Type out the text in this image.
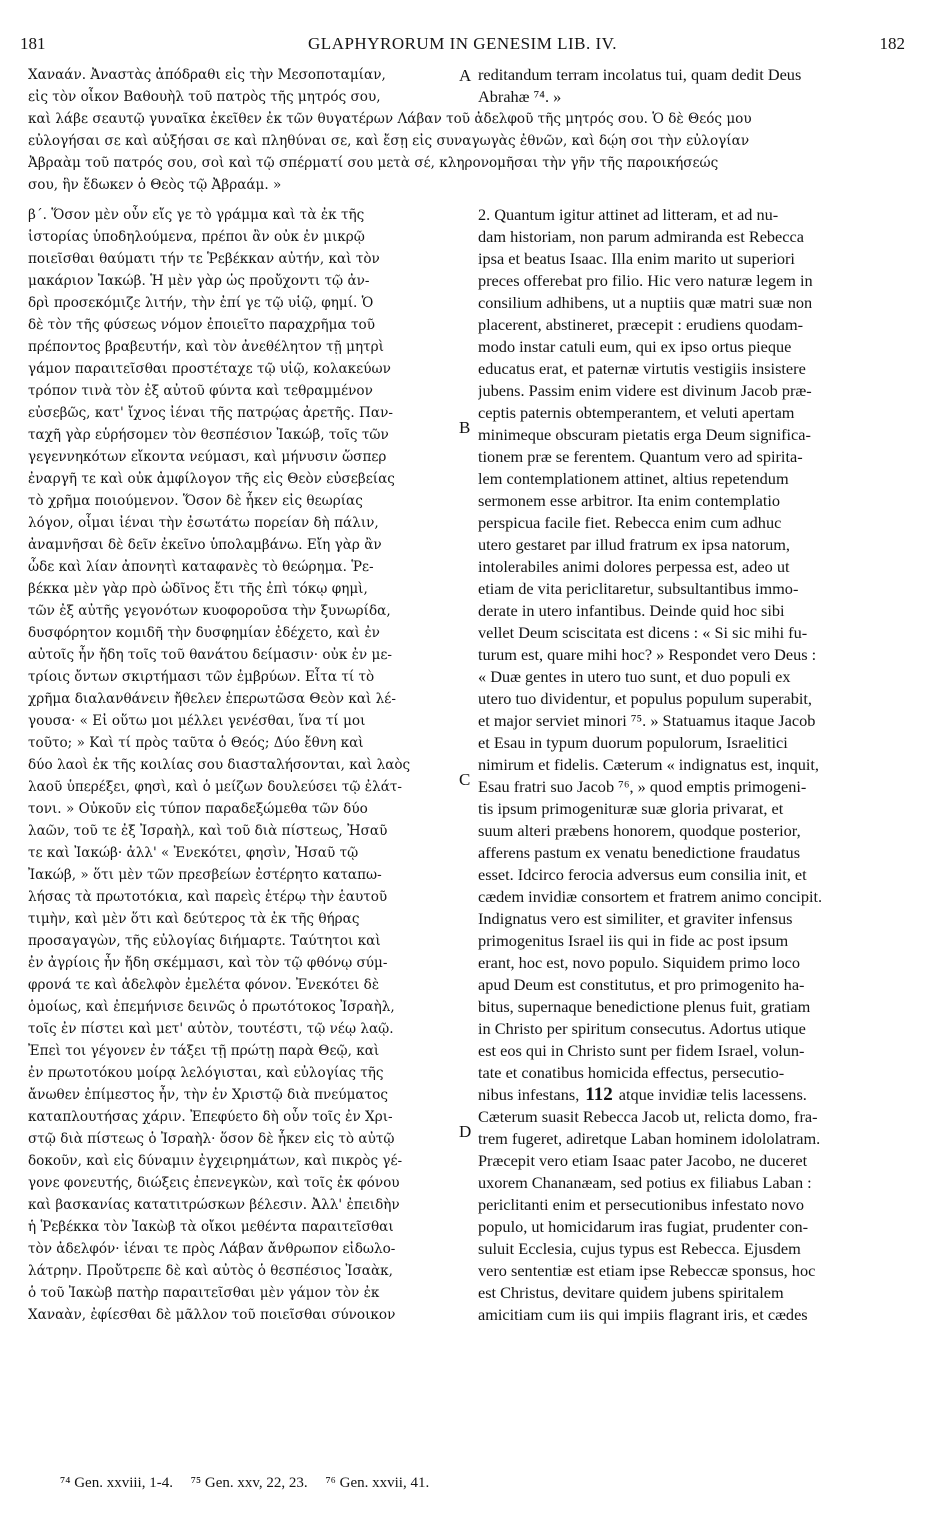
181	GLAPHYRORUM IN GENESIM LIB. IV.	182
Χαναάν. Ἀναστὰς ἀπόδραθι εἰς τὴν Μεσοποταμίαν,
εἰς τὸν οἶκον Βαθουὴλ τοῦ πατρὸς τῆς μητρός σου,
reditandum terram incolatus tui, quam dedit Deus
Abrahæ ⁷⁴. »
καὶ λάβε σεαυτῷ γυναῖκα ἐκεῖθεν ἐκ τῶν θυγατέρων Λάβαν τοῦ ἀδελφοῦ τῆς μητρός σου. Ὁ δὲ Θεός μου
εὐλογήσαι σε καὶ αὐξήσαι σε καὶ πληθύναι σε, καὶ ἔσῃ εἰς συναγωγὰς ἐθνῶν, καὶ δῴη σοι τὴν εὐλογίαν
Ἀβραὰμ τοῦ πατρός σου, σοὶ καὶ τῷ σπέρματί σου μετὰ σέ, κληρονομῆσαι τὴν γῆν τῆς παροικήσεώς
σου, ἣν ἔδωκεν ὁ Θεὸς τῷ Ἀβραάμ. »
β΄. Ὅσον μὲν οὖν εἴς γε τὸ γράμμα καὶ τὰ ἐκ τῆς
ἱστορίας ὑποδηλούμενα, πρέποι ἂν οὐκ ἐν μικρῷ
ποιεῖσθαι θαύματι τήν τε Ῥεβέκκαν αὐτήν, καὶ τὸν
μακάριον Ἰακώβ. Ἡ μὲν γὰρ ὡς προὔχοντι τῷ ἀν-
δρὶ προσεκόμιζε λιτήν, τὴν ἐπί γε τῷ υἱῷ, φημί. Ὁ
δὲ τὸν τῆς φύσεως νόμον ἐποιεῖτο παραχρῆμα τοῦ
πρέποντος βραβευτήν, καὶ τὸν ἀνεθέλητον τῇ μητρὶ
γάμον παραιτεῖσθαι προστέταχε τῷ υἱῷ, κολακεύων
τρόπον τινὰ τὸν ἐξ αὐτοῦ φύντα καὶ τεθραμμένον
εὐσεβῶς, κατ' ἴχνος ἰέναι τῆς πατρῴας ἀρετῆς. Παν-
ταχῆ γὰρ εὑρήσομεν τὸν θεσπέσιον Ἰακώβ, τοῖς τῶν
γεγεννηκότων εἴκοντα νεύμασι, καὶ μήνυσιν ὥσπερ
ἐναργῆ τε καὶ οὐκ ἀμφίλογον τῆς εἰς Θεὸν εὐσεβείας
τὸ χρῆμα ποιούμενον. Ὅσον δὲ ἧκεν εἰς θεωρίας
λόγον, οἶμαι ἰέναι τὴν ἐσωτάτω πορείαν δὴ πάλιν,
ἀναμνῆσαι δὲ δεῖν ἐκεῖνο ὑπολαμβάνω. Εἴη γὰρ ἂν
ὧδε καὶ λίαν ἀπονητὶ καταφανὲς τὸ θεώρημα. Ῥε-
βέκκα μὲν γὰρ πρὸ ὠδῖνος ἔτι τῆς ἐπὶ τόκῳ φημὶ,
τῶν ἐξ αὐτῆς γεγονότων κυοφοροῦσα τὴν ξυνωρίδα,
δυσφόρητον κομιδῆ τὴν δυσφημίαν ἐδέχετο, καὶ ἐν
αὐτοῖς ἦν ἤδη τοῖς τοῦ θανάτου δείμασιν· οὐκ ἐν με-
τρίοις ὄντων σκιρτήμασι τῶν ἐμβρύων. Εἶτα τί τὸ
χρῆμα διαλανθάνειν ἤθελεν ἐπερωτῶσα Θεὸν καὶ λέ-
γουσα· « Εἰ οὕτω μοι μέλλει γενέσθαι, ἵνα τί μοι
τοῦτο; » Καὶ τί πρὸς ταῦτα ὁ Θεός; Δύο ἔθνη καὶ
δύο λαοὶ ἐκ τῆς κοιλίας σου διασταλήσονται, καὶ λαὸς
λαοῦ ὑπερέξει, φησὶ, καὶ ὁ μείζων δουλεύσει τῷ ἐλάτ-
τονι. » Οὐκοῦν εἰς τύπον παραδεξώμεθα τῶν δύο
λαῶν, τοῦ τε ἐξ Ἰσραὴλ, καὶ τοῦ διὰ πίστεως, Ἠσαῦ
τε καὶ Ἰακώβ· ἀλλ' « Ἐνεκότει, φησὶν, Ἠσαῦ τῷ
Ἰακώβ, » ὅτι μὲν τῶν πρεσβείων ἐστέρητο καταπω-
λήσας τὰ πρωτοτόκια, καὶ παρεὶς ἑτέρῳ τὴν ἑαυτοῦ
τιμὴν, καὶ μὲν ὅτι καὶ δεύτερος τὰ ἐκ τῆς θήρας
προσαγαγὼν, τῆς εὐλογίας διήμαρτε. Ταύτητοι καὶ
ἐν ἀγρίοις ἦν ἤδη σκέμμασι, καὶ τὸν τῷ φθόνῳ σύμ-
φρονά τε καὶ ἀδελφὸν ἐμελέτα φόνον. Ἐνεκότει δὲ
ὁμοίως, καὶ ἐπεμήνισε δεινῶς ὁ πρωτότοκος Ἰσραὴλ,
τοῖς ἐν πίστει καὶ μετ' αὐτὸν, τουτέστι, τῷ νέῳ λαῷ.
Ἐπεὶ τοι γέγονεν ἐν τάξει τῇ πρώτῃ παρὰ Θεῷ, καὶ
ἐν πρωτοτόκου μοίρᾳ λελόγισται, καὶ εὐλογίας τῆς
ἄνωθεν ἐπίμεστος ἦν, τὴν ἐν Χριστῷ διὰ πνεύματος
καταπλουτήσας χάριν. Ἐπεφύετο δὴ οὖν τοῖς ἐν Χρι-
στῷ διὰ πίστεως ὁ Ἰσραὴλ· ὅσον δὲ ἧκεν εἰς τὸ αὐτῷ
δοκοῦν, καὶ εἰς δύναμιν ἐγχειρημάτων, καὶ πικρὸς γέ-
γονε φονευτής, διώξεις ἐπενεγκὼν, καὶ τοῖς ἐκ φόνου
καὶ βασκανίας κατατιτρώσκων βέλεσιν. Ἀλλ' ἐπειδὴν
ἡ Ῥεβέκκα τὸν Ἰακὼβ τὰ οἴκοι μεθέντα παραιτεῖσθαι
τὸν ἀδελφόν· ἰέναι τε πρὸς Λάβαν ἄνθρωπον εἰδωλο-
λάτρην. Προὔτρεπε δὲ καὶ αὐτὸς ὁ θεσπέσιος Ἰσαὰκ,
ὁ τοῦ Ἰακὼβ πατὴρ παραιτεῖσθαι μὲν γάμον τὸν ἐκ
Χαναὰν, ἐφίεσθαι δὲ μᾶλλον τοῦ ποιεῖσθαι σύνοικον
2. Quantum igitur attinet ad litteram, et ad nu-
dam historiam, non parum admiranda est Rebecca
ipsa et beatus Isaac. Illa enim marito ut superiori
preces offerebat pro filio. Hic vero naturæ legem in
consilium adhibens, ut a nuptiis quæ matri suæ non
placerent, abstineret, præcepit : erudiens quodam-
modo instar catuli eum, qui ex ipso ortus pieque
educatus erat, et paternæ virtutis vestigiis insistere
jubens. Passim enim videre est divinum Jacob præ-
ceptis paternis obtemperantem, et veluti apertam
minimeque obscuram pietatis erga Deum significa-
tionem præ se ferentem. Quantum vero ad spirita-
lem contemplationem attinet, altius repetendum
sermonem esse arbitror. Ita enim contemplatio
perspicua facile fiet. Rebecca enim cum adhuc
utero gestaret par illud fratrum ex ipsa natorum,
intolerabiles animi dolores perpessa est, adeo ut
etiam de vita periclitaretur, subsultantibus immo-
derate in utero infantibus. Deinde quid hoc sibi
vellet Deum sciscitata est dicens : « Si sic mihi fu-
turum est, quare mihi hoc? » Respondet vero Deus :
« Duæ gentes in utero tuo sunt, et duo populi ex
utero tuo dividentur, et populus populum superabit,
et major serviet minori ⁷⁵. » Statuamus itaque Jacob
et Esau in typum duorum populorum, Israelitici
nimirum et fidelis. Cæterum « indignatus est, inquit,
Esau fratri suo Jacob ⁷⁶, » quod emptis primogeni-
tis ipsum primogenituræ suæ gloria privarat, et
suum alteri præbens honorem, quodque posterior,
afferens pastum ex venatu benedictione fraudatus
esset. Idcirco ferocia adversus eum consilia init, et
cædem invidiæ consortem et fratrem animo concipit.
Indignatus vero est similiter, et graviter infensus
primogenitus Israel iis qui in fide ac post ipsum
erant, hoc est, novo populo. Siquidem primo loco
apud Deum est constitutus, et pro primogenito ha-
bitus, supernaque benedictione plenus fuit, gratiam
in Christo per spiritum consecutus. Adortus utique
est eos qui in Christo sunt per fidem Israel, volun-
tate et conatibus homicida effectus, persecutio-
nibus infestans, 112 atque invidiæ telis lacessens.
Cæterum suasit Rebecca Jacob ut, relicta domo, fra-
trem fugeret, adiretque Laban hominem idololatram.
Præcepit vero etiam Isaac pater Jacobo, ne duceret
uxorem Chananæam, sed potius ex filiabus Laban :
periclitanti enim et persecutionibus infestato novo
populo, ut homicidarum iras fugiat, prudenter con-
suluit Ecclesia, cujus typus est Rebecca. Ejusdem
vero sententiæ est etiam ipse Rebeccæ sponsus, hoc
est Christus, devitare quidem jubens spiritalem
amicitiam cum iis qui impiis flagrant iris, et cædes
A
B
C
D
⁷⁴ Gen. xxviii, 1-4. ⁷⁵ Gen. xxv, 22, 23. ⁷⁶ Gen. xxvii, 41.
